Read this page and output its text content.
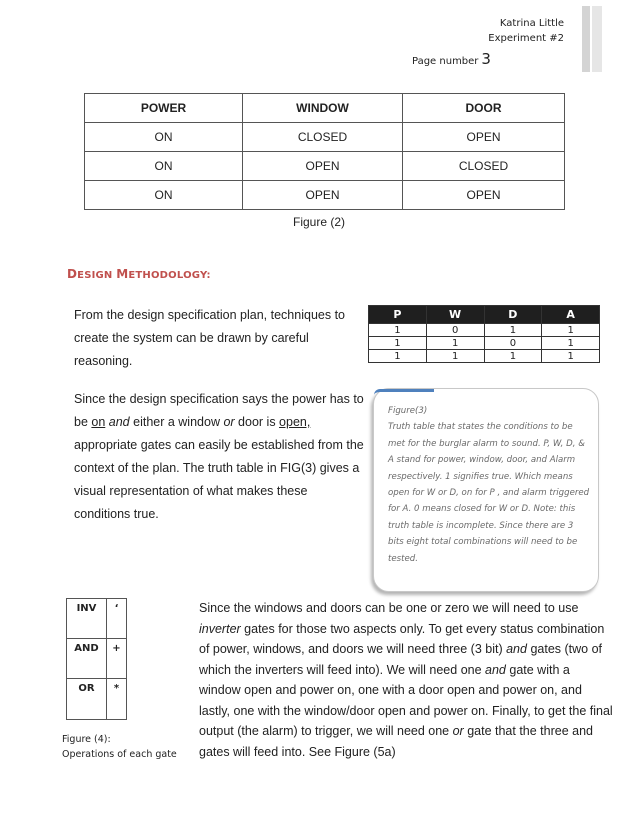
Katrina Little
Experiment #2
Page number 3
POWER	WINDOW	DOOR
ON	CLOSED	OPEN
ON	OPEN	CLOSED
ON	OPEN	OPEN
Figure (2)
DESIGN METHODOLOGY:

From the design specification plan, techniques to create the system can be drawn by careful reasoning.

Since the design specification says the power has to be on and either a window or door is open, appropriate gates can easily be established from the context of the plan. The truth table in FIG(3) gives a visual representation of what makes these conditions true.

P	W	D	A
1	0	1	1
1	1	0	1
1	1	1	1
Figure(3)
Truth table that states the conditions to be met for the burglar alarm to sound. P, W, D, & A stand for power, window, door, and Alarm respectively. 1 signifies true. Which means open for W or D, on for P , and alarm triggered for A. 0 means closed for W or D. Note: this truth table is incomplete. Since there are 3 bits eight total combinations will need to be tested.
INV	‘
AND	+
OR	*
Figure (4):
Operations of each gate

Since the windows and doors can be one or zero we will need to use inverter gates for those two aspects only. To get every status combination of power, windows, and doors we will need three (3 bit) and gates (two of which the inverters will feed into). We will need one and gate with a window open and power on, one with a door open and power on, and lastly, one with the window/door open and power on. Finally, to get the final output (the alarm) to trigger, we will need one or gate that the three and gates will feed into. See Figure (5a)
